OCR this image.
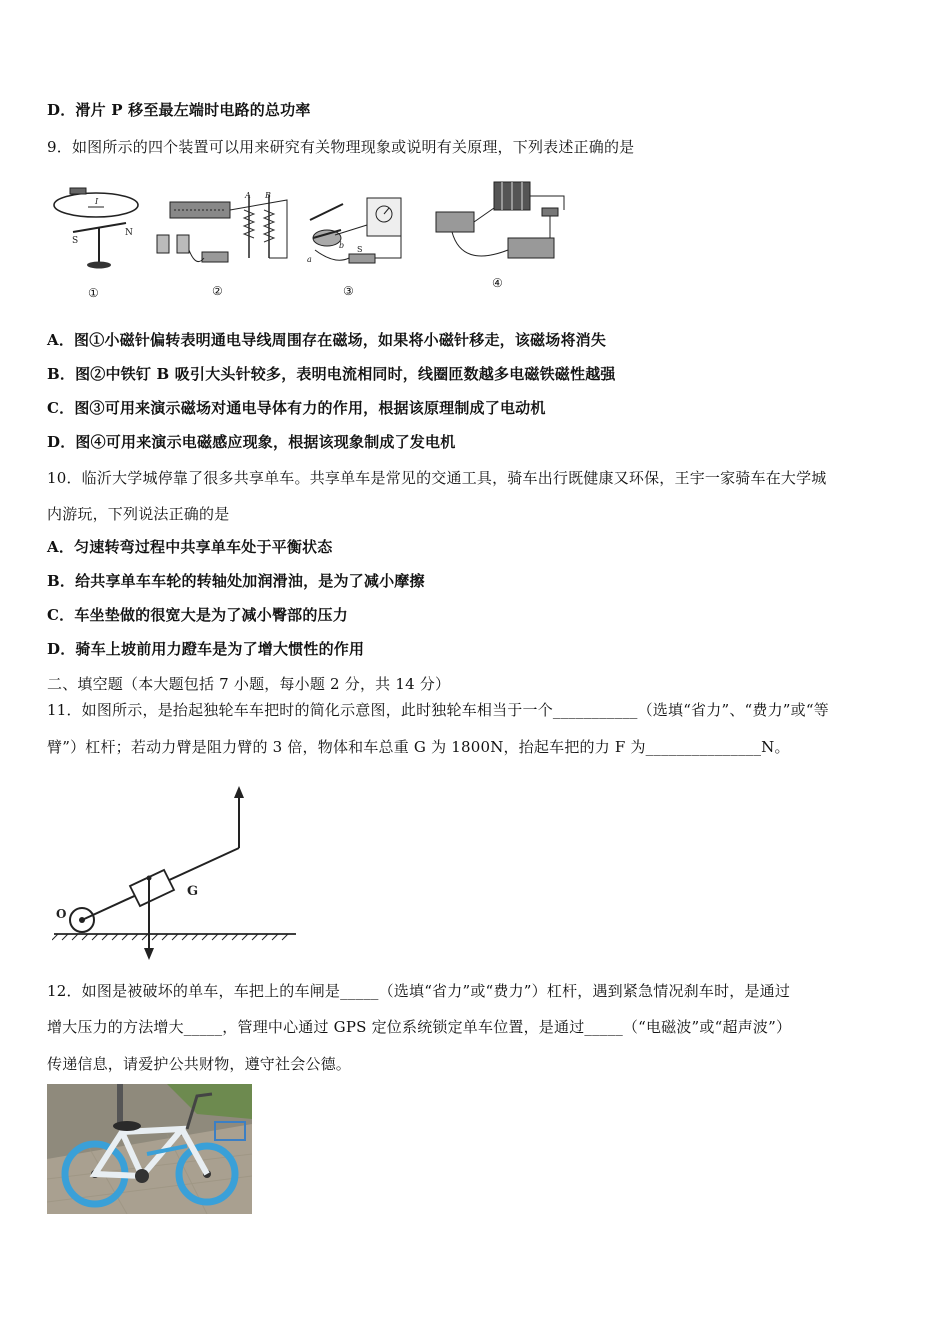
D．滑片 P 移至最左端时电路的总功率
9．如图所示的四个装置可以用来研究有关物理现象或说明有关原理，下列表述正确的是
S
N
I
①
A B
②
a
b S
③
④
A．图①小磁针偏转表明通电导线周围存在磁场，如果将小磁针移走，该磁场将消失
B．图②中铁钉 B 吸引大头针较多，表明电流相同时，线圈匝数越多电磁铁磁性越强
C．图③可用来演示磁场对通电导体有力的作用，根据该原理制成了电动机
D．图④可用来演示电磁感应现象，根据该现象制成了发电机
10．临沂大学城停靠了很多共享单车。共享单车是常见的交通工具，骑车出行既健康又环保，王宇一家骑车在大学城
内游玩，下列说法正确的是
A．匀速转弯过程中共享单车处于平衡状态
B．给共享单车车轮的转轴处加润滑油，是为了减小摩擦
C．车坐垫做的很宽大是为了减小臀部的压力
D．骑车上坡前用力蹬车是为了增大惯性的作用
二、填空题（本大题包括 7 小题，每小题 2 分，共 14 分）
11．如图所示，是抬起独轮车车把时的简化示意图，此时独轮车相当于一个___________（选填“省力”、“费力”或“等
臂”）杠杆；若动力臂是阻力臂的 3 倍，物体和车总重 G 为 1800N，抬起车把的力 F 为_______________N。
O
G
12．如图是被破坏的单车，车把上的车闸是_____（选填“省力”或“费力”）杠杆，遇到紧急情况刹车时，是通过
增大压力的方法增大_____，管理中心通过 GPS 定位系统锁定单车位置，是通过_____（“电磁波”或“超声波”）
传递信息，请爱护公共财物，遵守社会公德。
